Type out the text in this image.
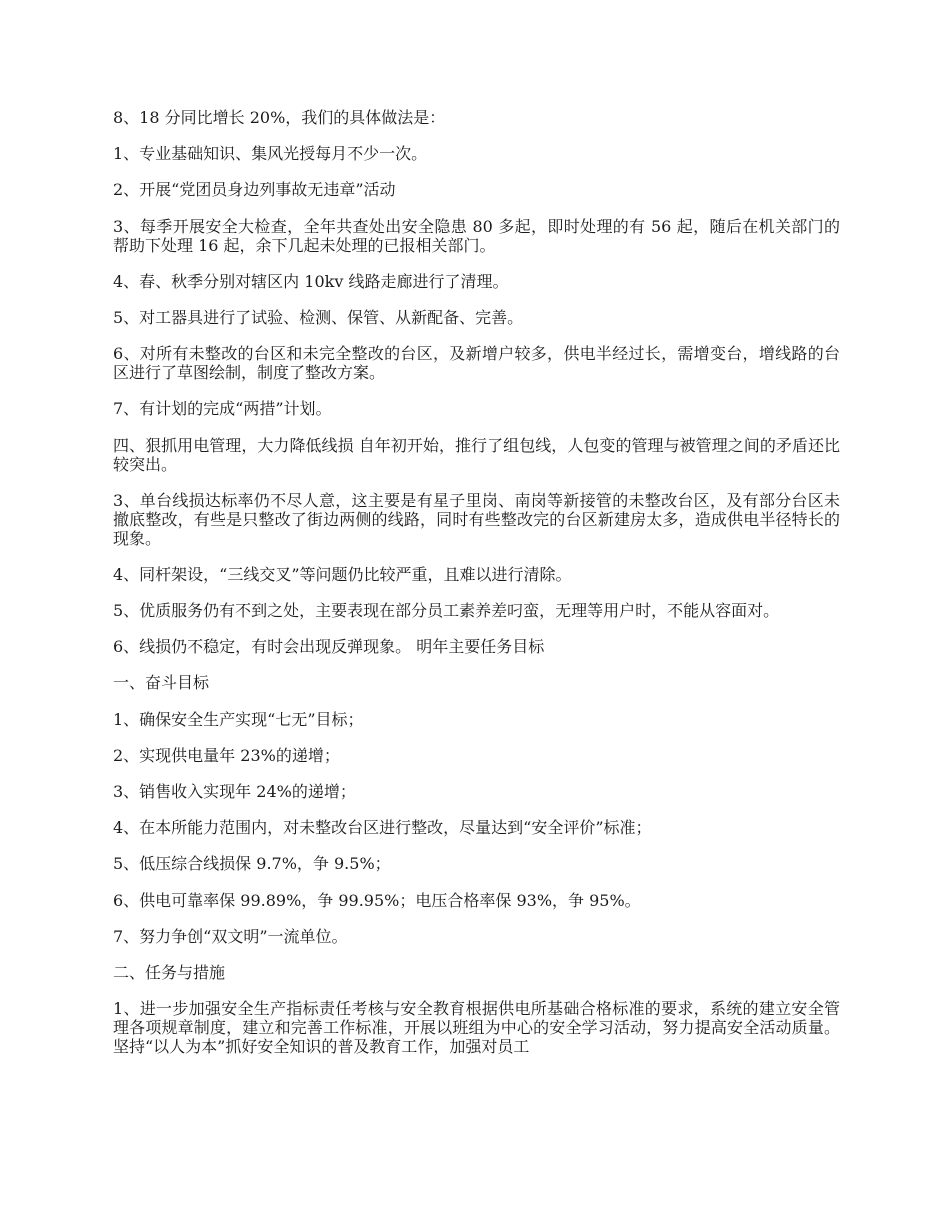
8、18 分同比增长 20%，我们的具体做法是：

1、专业基础知识、集风光授每月不少一次。

2、开展“党团员身边列事故无违章”活动

3、每季开展安全大检查，全年共查处出安全隐患 80 多起，即时处理的有 56 起，随后在机关部门的帮助下处理 16 起，余下几起未处理的已报相关部门。

4、春、秋季分别对辖区内 10kv 线路走廊进行了清理。

5、对工器具进行了试验、检测、保管、从新配备、完善。

6、对所有未整改的台区和未完全整改的台区，及新增户较多，供电半经过长，需增变台，增线路的台区进行了草图绘制，制度了整改方案。

7、有计划的完成“两措”计划。

四、狠抓用电管理，大力降低线损 自年初开始，推行了组包线，人包变的管理与被管理之间的矛盾还比较突出。

3、单台线损达标率仍不尽人意，这主要是有星子里岗、南岗等新接管的未整改台区，及有部分台区未撤底整改，有些是只整改了街边两侧的线路，同时有些整改完的台区新建房太多，造成供电半径特长的现象。

4、同杆架设，“三线交叉”等问题仍比较严重，且难以进行清除。

5、优质服务仍有不到之处，主要表现在部分员工素养差叼蛮，无理等用户时，不能从容面对。

6、线损仍不稳定，有时会出现反弹现象。 明年主要任务目标

一、奋斗目标

1、确保安全生产实现“七无”目标；

2、实现供电量年 23%的递增；

3、销售收入实现年 24%的递增；

4、在本所能力范围内，对未整改台区进行整改，尽量达到“安全评价”标准；

5、低压综合线损保 9.7%，争 9.5%；

6、供电可靠率保 99.89%，争 99.95%；电压合格率保 93%，争 95%。

7、努力争创“双文明”一流单位。

二、任务与措施

1、进一步加强安全生产指标责任考核与安全教育根据供电所基础合格标准的要求，系统的建立安全管理各项规章制度，建立和完善工作标准，开展以班组为中心的安全学习活动，努力提高安全活动质量。 坚持“以人为本”抓好安全知识的普及教育工作，加强对员工
